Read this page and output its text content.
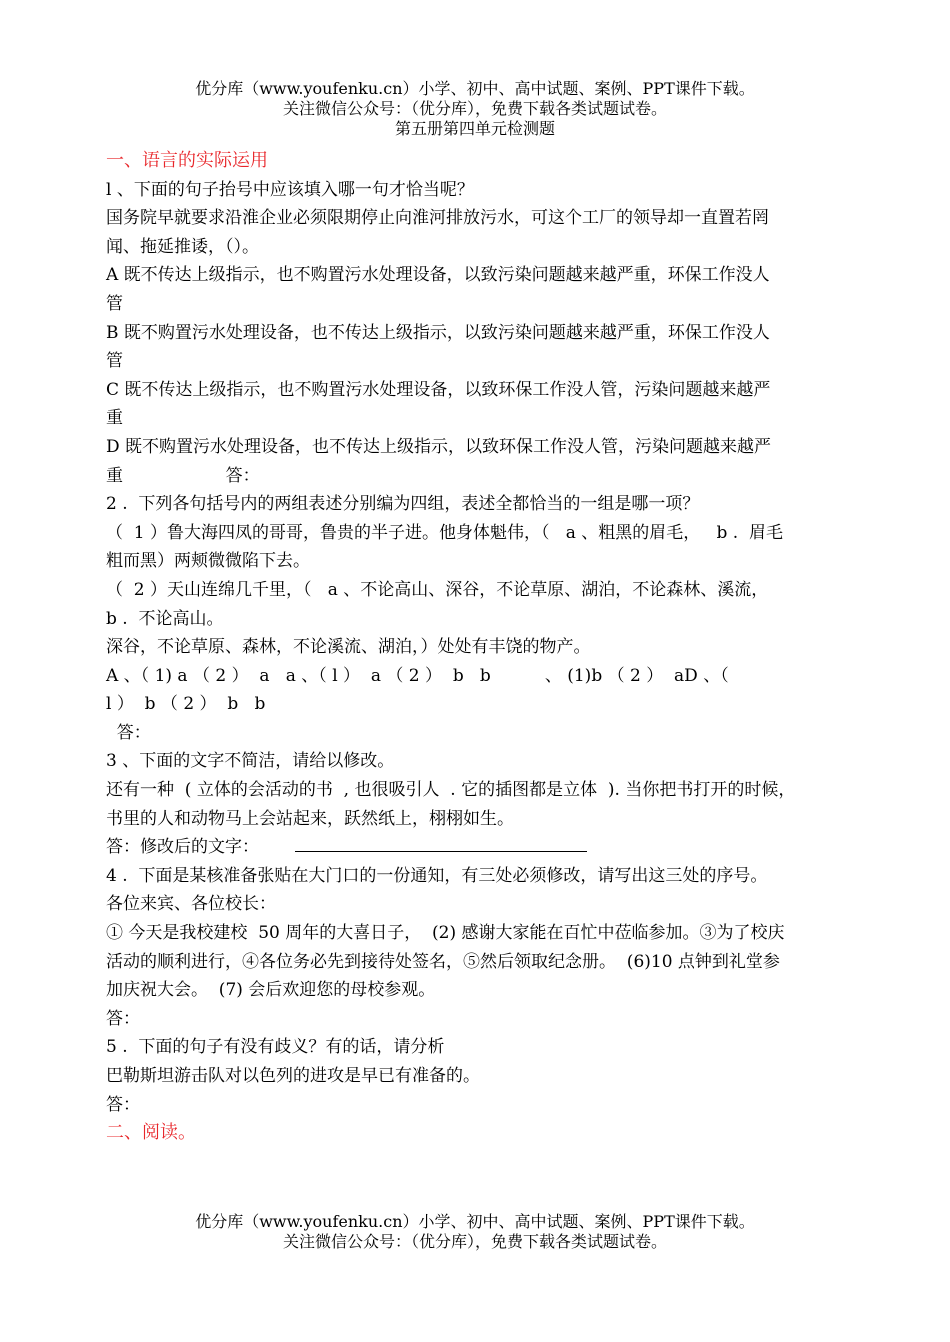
优分库（www.youfenku.cn）小学、初中、高中试题、案例、PPT课件下载。
关注微信公众号：（优分库），免费下载各类试题试卷。
第五册第四单元检测题
一、语言的实际运用
l 、下面的句子抬号中应该填入哪一句才恰当呢？
国务院早就要求沿淮企业必须限期停止向淮河排放污水，可这个工厂的领导却一直置若罔
闻、拖延推诿，（）。
A 既不传达上级指示，也不购置污水处理设备，以致污染问题越来越严重，环保工作没人
管
B 既不购置污水处理设备，也不传达上级指示，以致污染问题越来越严重，环保工作没人
管
C 既不传达上级指示，也不购置污水处理设备，以致环保工作没人管，污染问题越来越严
重
D 既不购置污水处理设备，也不传达上级指示，以致环保工作没人管，污染问题越来越严
重                   答：
2 .  下列各句括号内的两组表述分别编为四组，表述全都恰当的一组是哪一项？
（  1 ）鲁大海四凤的哥哥，鲁贵的半子进。他身体魁伟，（   a 、粗黑的眉毛，   b .  眉毛
粗而黑）两颊微微陷下去。
（  2 ）天山连绵几千里，（   a 、不论高山、深谷，不论草原、湖泊，不论森林、溪流，
b .  不论高山。
深谷，不论草原、森林，不论溪流、湖泊，）处处有丰饶的物产。
A 、（ 1) a （ 2 ）  a   a 、（ l ）  a （ 2 ）  b   b          、 (1)b （ 2 ）  aD 、（
l ）  b （ 2 ）  b   b
答：
3 、下面的文字不简洁，请给以修改。
还有一种  ( 立体的会活动的书  , 也很吸引人  . 它的插图都是立体  ). 当你把书打开的时候，
书里的人和动物马上会站起来，跃然纸上，栩栩如生。
答：修改后的文字：
4 .  下面是某核准备张贴在大门口的一份通知，有三处必须修改，请写出这三处的序号。
各位来宾、各位校长：
① 今天是我校建校  50 周年的大喜日子，  (2) 感谢大家能在百忙中莅临参加。③为了校庆
活动的顺利进行，④各位务必先到接待处签名，⑤然后领取纪念册。  (6)10 点钟到礼堂参
加庆祝大会。  (7) 会后欢迎您的母校参观。
答：
5 .  下面的句子有没有歧义？有的话，请分析
巴勒斯坦游击队对以色列的进攻是早已有准备的。
答：
二、阅读。
优分库（www.youfenku.cn）小学、初中、高中试题、案例、PPT课件下载。
关注微信公众号：（优分库），免费下载各类试题试卷。
